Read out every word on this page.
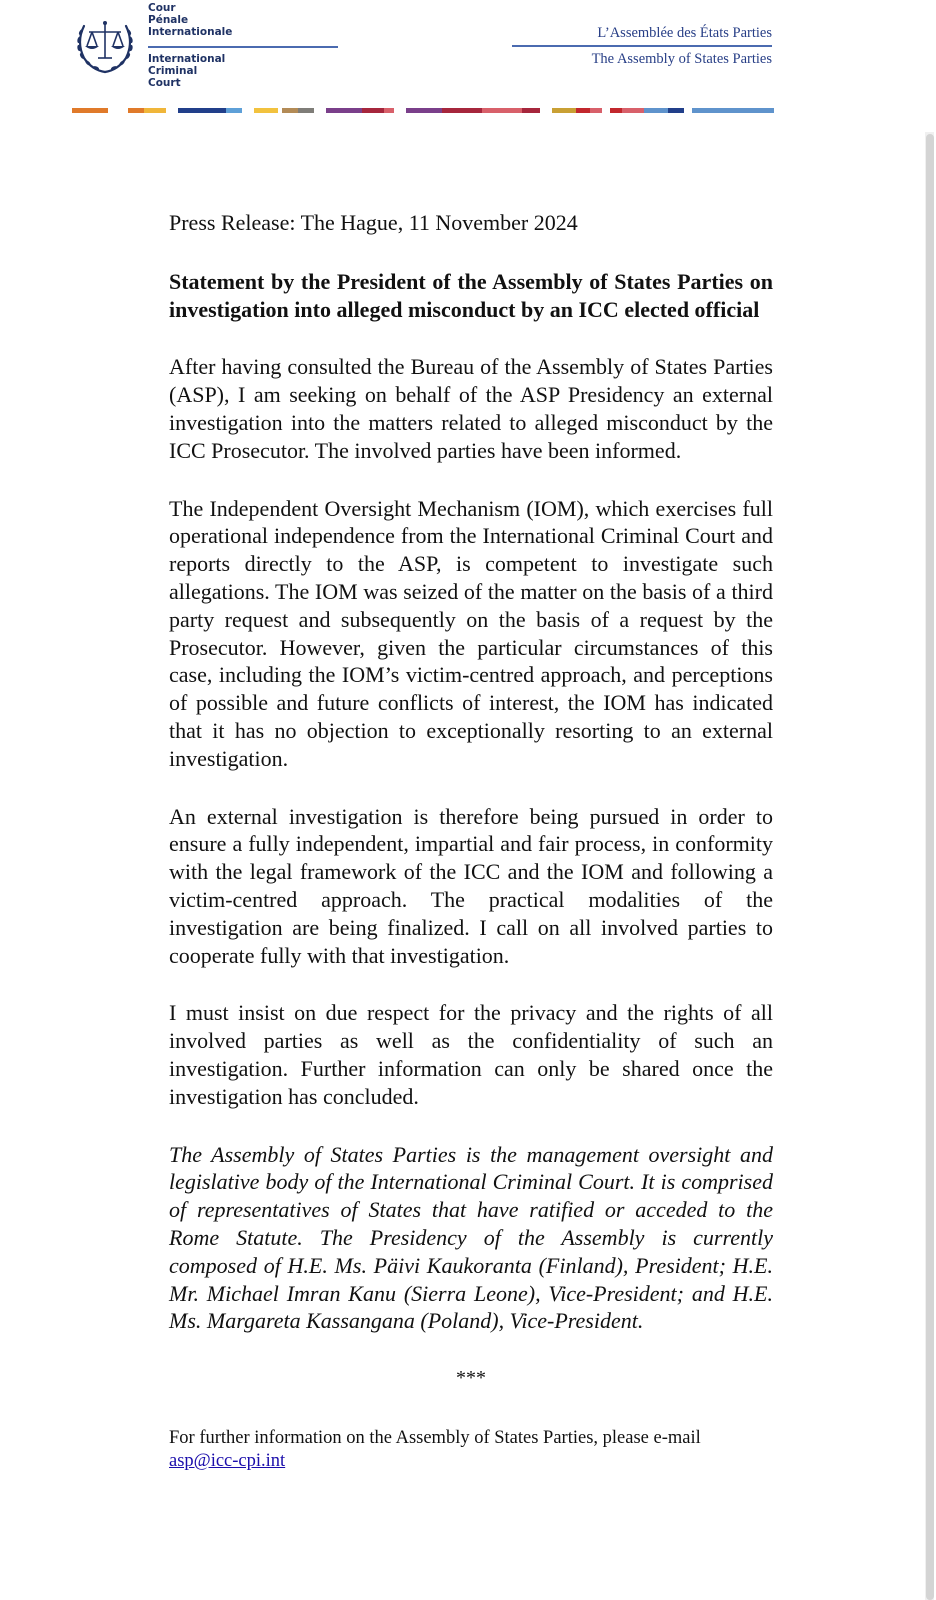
Cour
Pénale
Internationale
International
Criminal
Court
L’Assemblée des États Parties
The Assembly of States Parties

Press Release: The Hague, 11 November 2024

Statement by the President of the Assembly of States Parties on investigation into alleged misconduct by an ICC elected official

After having consulted the Bureau of the Assembly of States Parties (ASP), I am seeking on behalf of the ASP Presidency an external investigation into the matters related to alleged misconduct by the ICC Prosecutor. The involved parties have been informed.

The Independent Oversight Mechanism (IOM), which exercises full operational independence from the International Criminal Court and reports directly to the ASP, is competent to investigate such allegations. The IOM was seized of the matter on the basis of a third party request and subsequently on the basis of a request by the Prosecutor. However, given the particular circumstances of this case, including the IOM’s victim-centred approach, and perceptions of possible and future conflicts of interest, the IOM has indicated that it has no objection to exceptionally resorting to an external investigation.

An external investigation is therefore being pursued in order to ensure a fully independent, impartial and fair process, in conformity with the legal framework of the ICC and the IOM and following a victim-centred approach. The practical modalities of the investigation are being finalized. I call on all involved parties to cooperate fully with that investigation.

I must insist on due respect for the privacy and the rights of all involved parties as well as the confidentiality of such an investigation. Further information can only be shared once the investigation has concluded.

The Assembly of States Parties is the management oversight and legislative body of the International Criminal Court. It is comprised of representatives of States that have ratified or acceded to the Rome Statute. The Presidency of the Assembly is currently composed of H.E. Ms. Päivi Kaukoranta (Finland), President; H.E. Mr. Michael Imran Kanu (Sierra Leone), Vice-President; and H.E. Ms. Margareta Kassangana (Poland), Vice-President.

***

For further information on the Assembly of States Parties, please e-mail
asp@icc-cpi.int
